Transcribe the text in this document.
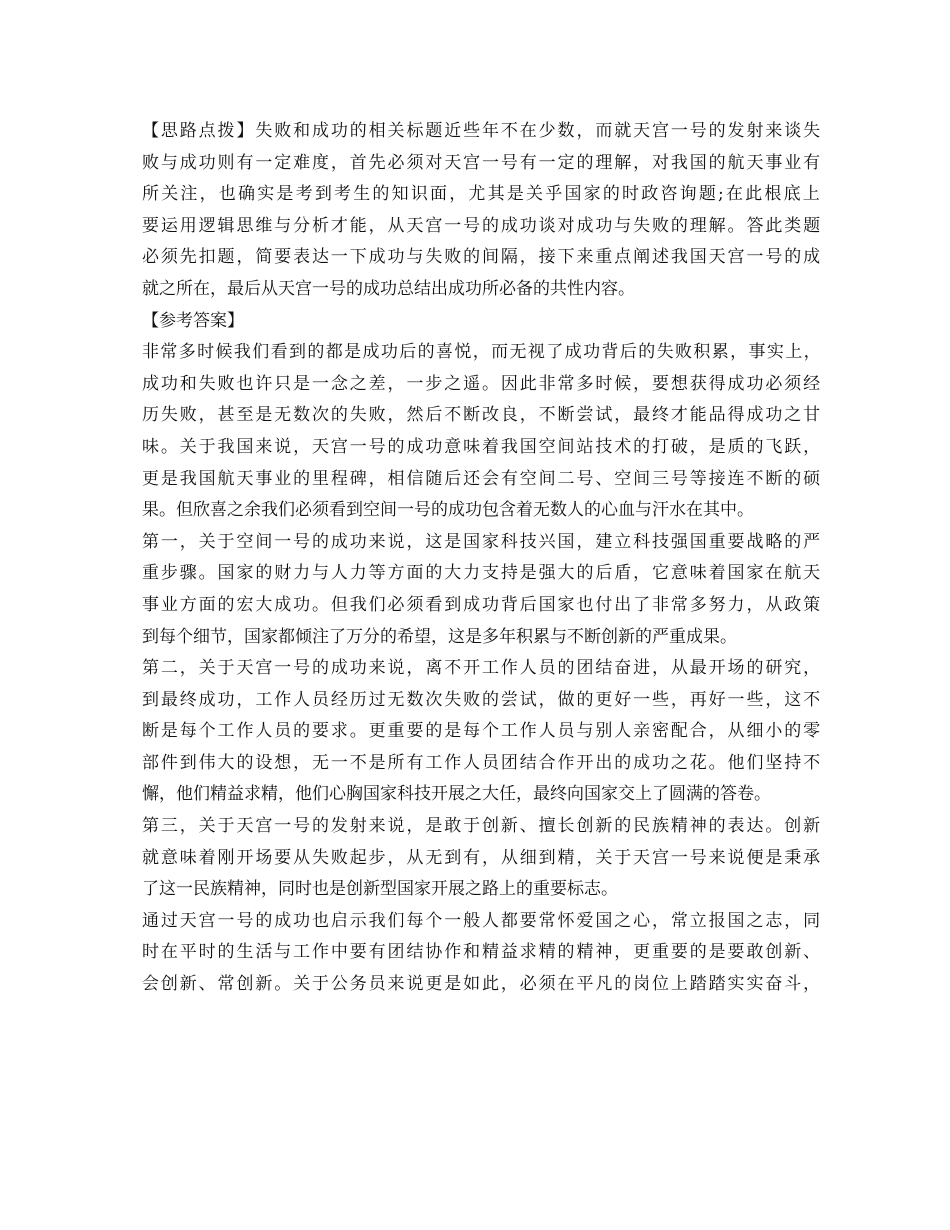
【思路点拨】失败和成功的相关标题近些年不在少数，而就天宫一号的发射来谈失
败与成功则有一定难度，首先必须对天宫一号有一定的理解，对我国的航天事业有
所关注，也确实是考到考生的知识面，尤其是关乎国家的时政咨询题;在此根底上
要运用逻辑思维与分析才能，从天宫一号的成功谈对成功与失败的理解。答此类题
必须先扣题，简要表达一下成功与失败的间隔，接下来重点阐述我国天宫一号的成
就之所在，最后从天宫一号的成功总结出成功所必备的共性内容。
【参考答案】
非常多时候我们看到的都是成功后的喜悦，而无视了成功背后的失败积累，事实上，
成功和失败也许只是一念之差，一步之遥。因此非常多时候，要想获得成功必须经
历失败，甚至是无数次的失败，然后不断改良，不断尝试，最终才能品得成功之甘
味。关于我国来说，天宫一号的成功意味着我国空间站技术的打破，是质的飞跃，
更是我国航天事业的里程碑，相信随后还会有空间二号、空间三号等接连不断的硕
果。但欣喜之余我们必须看到空间一号的成功包含着无数人的心血与汗水在其中。
第一，关于空间一号的成功来说，这是国家科技兴国，建立科技强国重要战略的严
重步骤。国家的财力与人力等方面的大力支持是强大的后盾，它意味着国家在航天
事业方面的宏大成功。但我们必须看到成功背后国家也付出了非常多努力，从政策
到每个细节，国家都倾注了万分的希望，这是多年积累与不断创新的严重成果。
第二，关于天宫一号的成功来说，离不开工作人员的团结奋进，从最开场的研究，
到最终成功，工作人员经历过无数次失败的尝试，做的更好一些，再好一些，这不
断是每个工作人员的要求。更重要的是每个工作人员与别人亲密配合，从细小的零
部件到伟大的设想，无一不是所有工作人员团结合作开出的成功之花。他们坚持不
懈，他们精益求精，他们心胸国家科技开展之大任，最终向国家交上了圆满的答卷。
第三，关于天宫一号的发射来说，是敢于创新、擅长创新的民族精神的表达。创新
就意味着刚开场要从失败起步，从无到有，从细到精，关于天宫一号来说便是秉承
了这一民族精神，同时也是创新型国家开展之路上的重要标志。
通过天宫一号的成功也启示我们每个一般人都要常怀爱国之心，常立报国之志，同
时在平时的生活与工作中要有团结协作和精益求精的精神，更重要的是要敢创新、
会创新、常创新。关于公务员来说更是如此，必须在平凡的岗位上踏踏实实奋斗，
